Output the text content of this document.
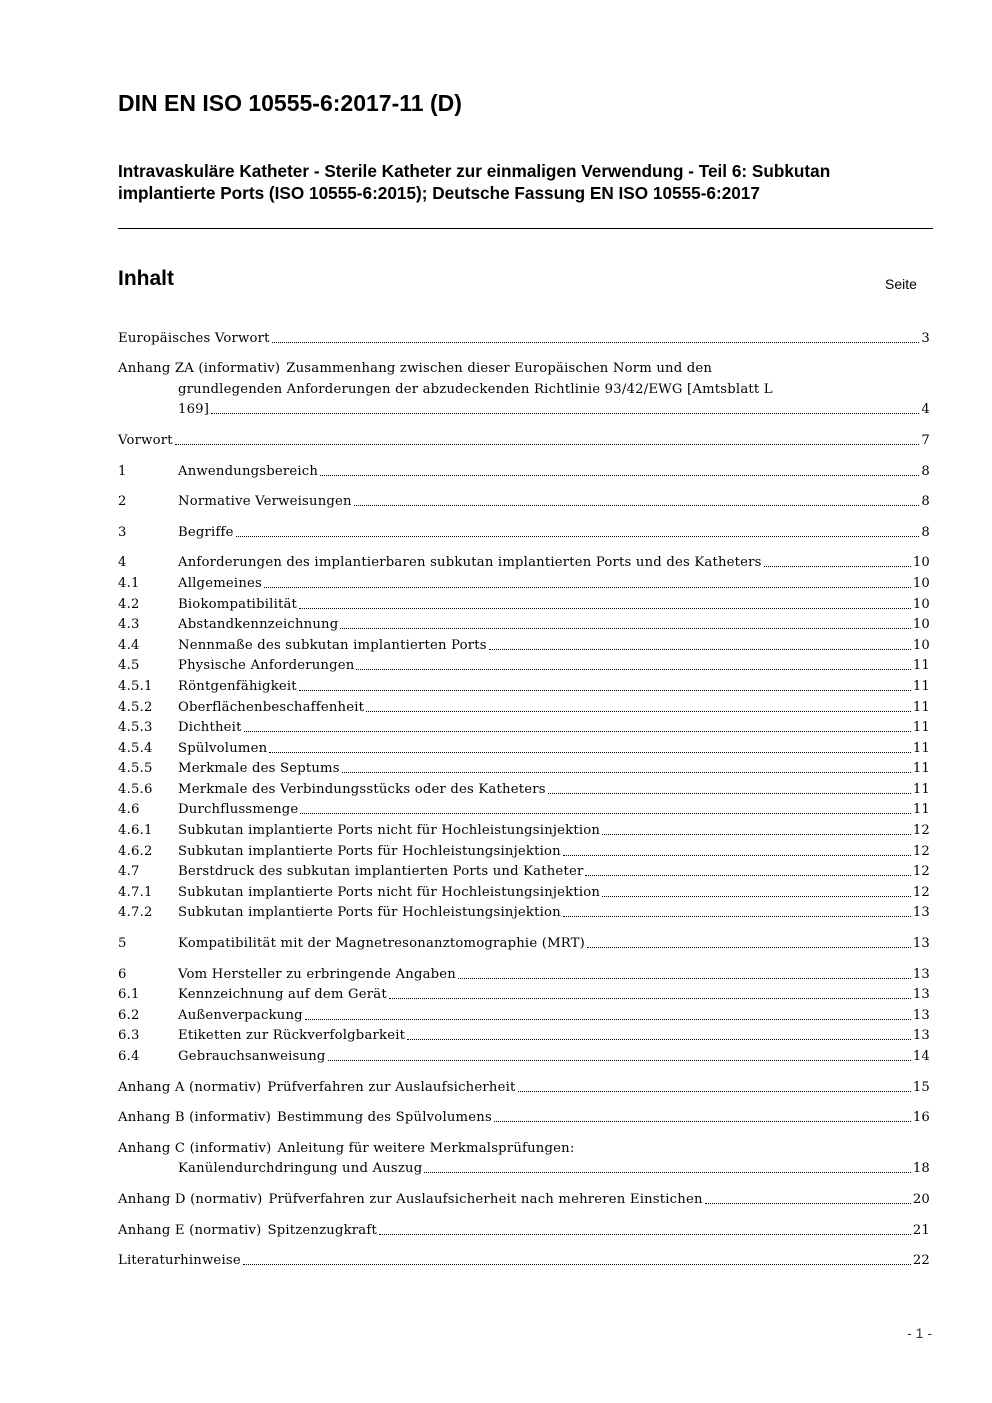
DIN EN ISO 10555-6:2017-11 (D)

Intravaskuläre Katheter - Sterile Katheter zur einmaligen Verwendung - Teil 6: Subkutan implantierte Ports (ISO 10555-6:2015); Deutsche Fassung EN ISO 10555-6:2017

Inhalt	Seite
Europäisches Vorwort	3
Anhang ZA (informativ) Zusammenhang zwischen dieser Europäischen Norm und den
grundlegenden Anforderungen der abzudeckenden Richtlinie 93/42/EWG [Amtsblatt L
169]	4
Vorwort	7
1	Anwendungsbereich	8
2	Normative Verweisungen	8
3	Begriffe	8
4	Anforderungen des implantierbaren subkutan implantierten Ports und des Katheters	10
4.1	Allgemeines	10
4.2	Biokompatibilität	10
4.3	Abstandkennzeichnung	10
4.4	Nennmaße des subkutan implantierten Ports	10
4.5	Physische Anforderungen	11
4.5.1	Röntgenfähigkeit	11
4.5.2	Oberflächenbeschaffenheit	11
4.5.3	Dichtheit	11
4.5.4	Spülvolumen	11
4.5.5	Merkmale des Septums	11
4.5.6	Merkmale des Verbindungsstücks oder des Katheters	11
4.6	Durchflussmenge	11
4.6.1	Subkutan implantierte Ports nicht für Hochleistungsinjektion	12
4.6.2	Subkutan implantierte Ports für Hochleistungsinjektion	12
4.7	Berstdruck des subkutan implantierten Ports und Katheter	12
4.7.1	Subkutan implantierte Ports nicht für Hochleistungsinjektion	12
4.7.2	Subkutan implantierte Ports für Hochleistungsinjektion	13
5	Kompatibilität mit der Magnetresonanztomographie (MRT)	13
6	Vom Hersteller zu erbringende Angaben	13
6.1	Kennzeichnung auf dem Gerät	13
6.2	Außenverpackung	13
6.3	Etiketten zur Rückverfolgbarkeit	13
6.4	Gebrauchsanweisung	14
Anhang A (normativ) Prüfverfahren zur Auslaufsicherheit	15
Anhang B (informativ) Bestimmung des Spülvolumens	16
Anhang C (informativ) Anleitung für weitere Merkmalsprüfungen:
Kanülendurchdringung und Auszug	18
Anhang D (normativ) Prüfverfahren zur Auslaufsicherheit nach mehreren Einstichen	20
Anhang E (normativ) Spitzenzugkraft	21
Literaturhinweise	22
- 1 -
